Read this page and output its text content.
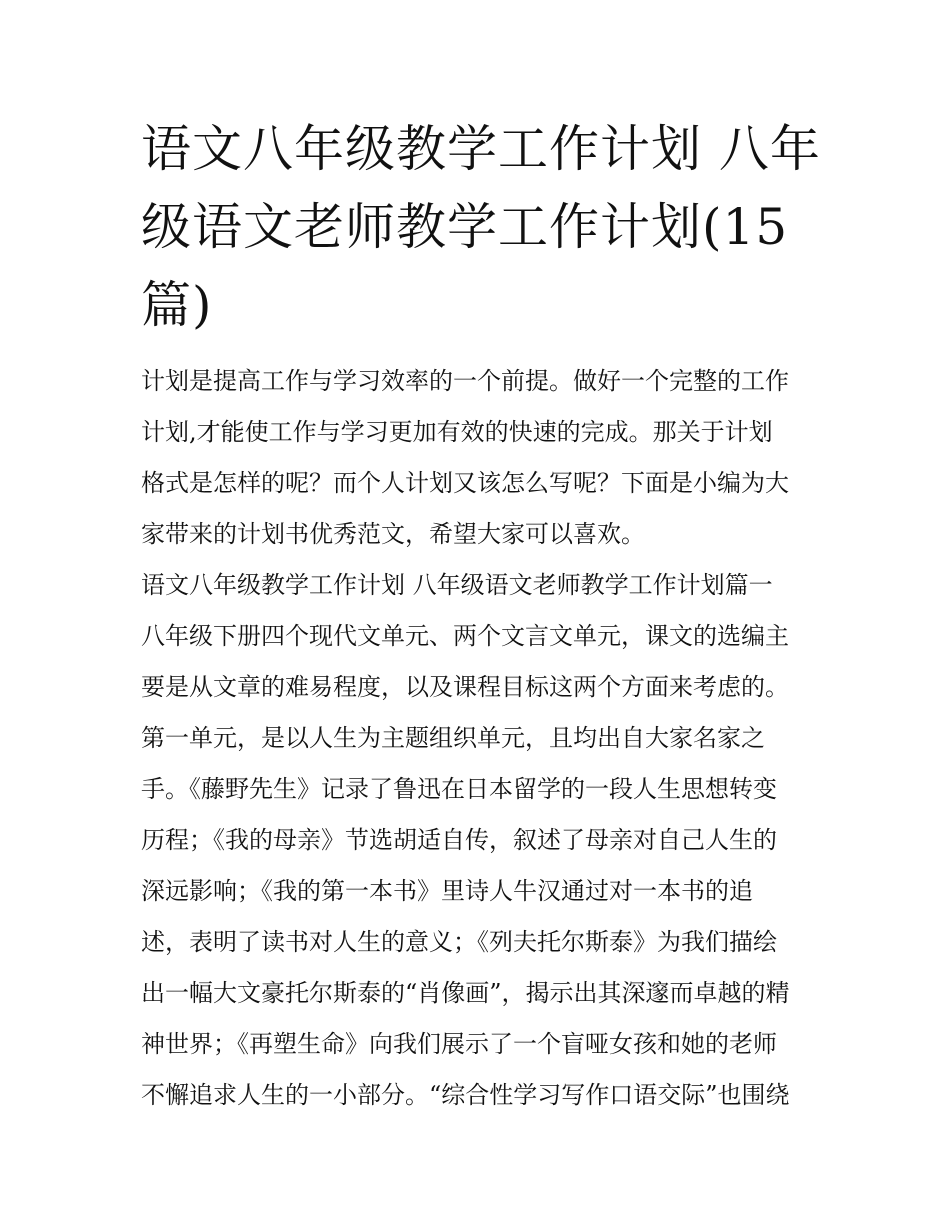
语文八年级教学工作计划 八年
级语文老师教学工作计划(15
篇)

计划是提高工作与学习效率的一个前提。做好一个完整的工作
计划,才能使工作与学习更加有效的快速的完成。那关于计划
格式是怎样的呢？而个人计划又该怎么写呢？下面是小编为大
家带来的计划书优秀范文，希望大家可以喜欢。

语文八年级教学工作计划 八年级语文老师教学工作计划篇一

八年级下册四个现代文单元、两个文言文单元，课文的选编主
要是从文章的难易程度，以及课程目标这两个方面来考虑的。

第一单元，是以人生为主题组织单元，且均出自大家名家之
手。《藤野先生》记录了鲁迅在日本留学的一段人生思想转变
历程；《我的母亲》节选胡适自传，叙述了母亲对自己人生的
深远影响；《我的第一本书》里诗人牛汉通过对一本书的追
述，表明了读书对人生的意义；《列夫托尔斯泰》为我们描绘
出一幅大文豪托尔斯泰的“肖像画”，揭示出其深邃而卓越的精
神世界；《再塑生命》向我们展示了一个盲哑女孩和她的老师
不懈追求人生的一小部分。“综合性学习写作口语交际”也围绕
